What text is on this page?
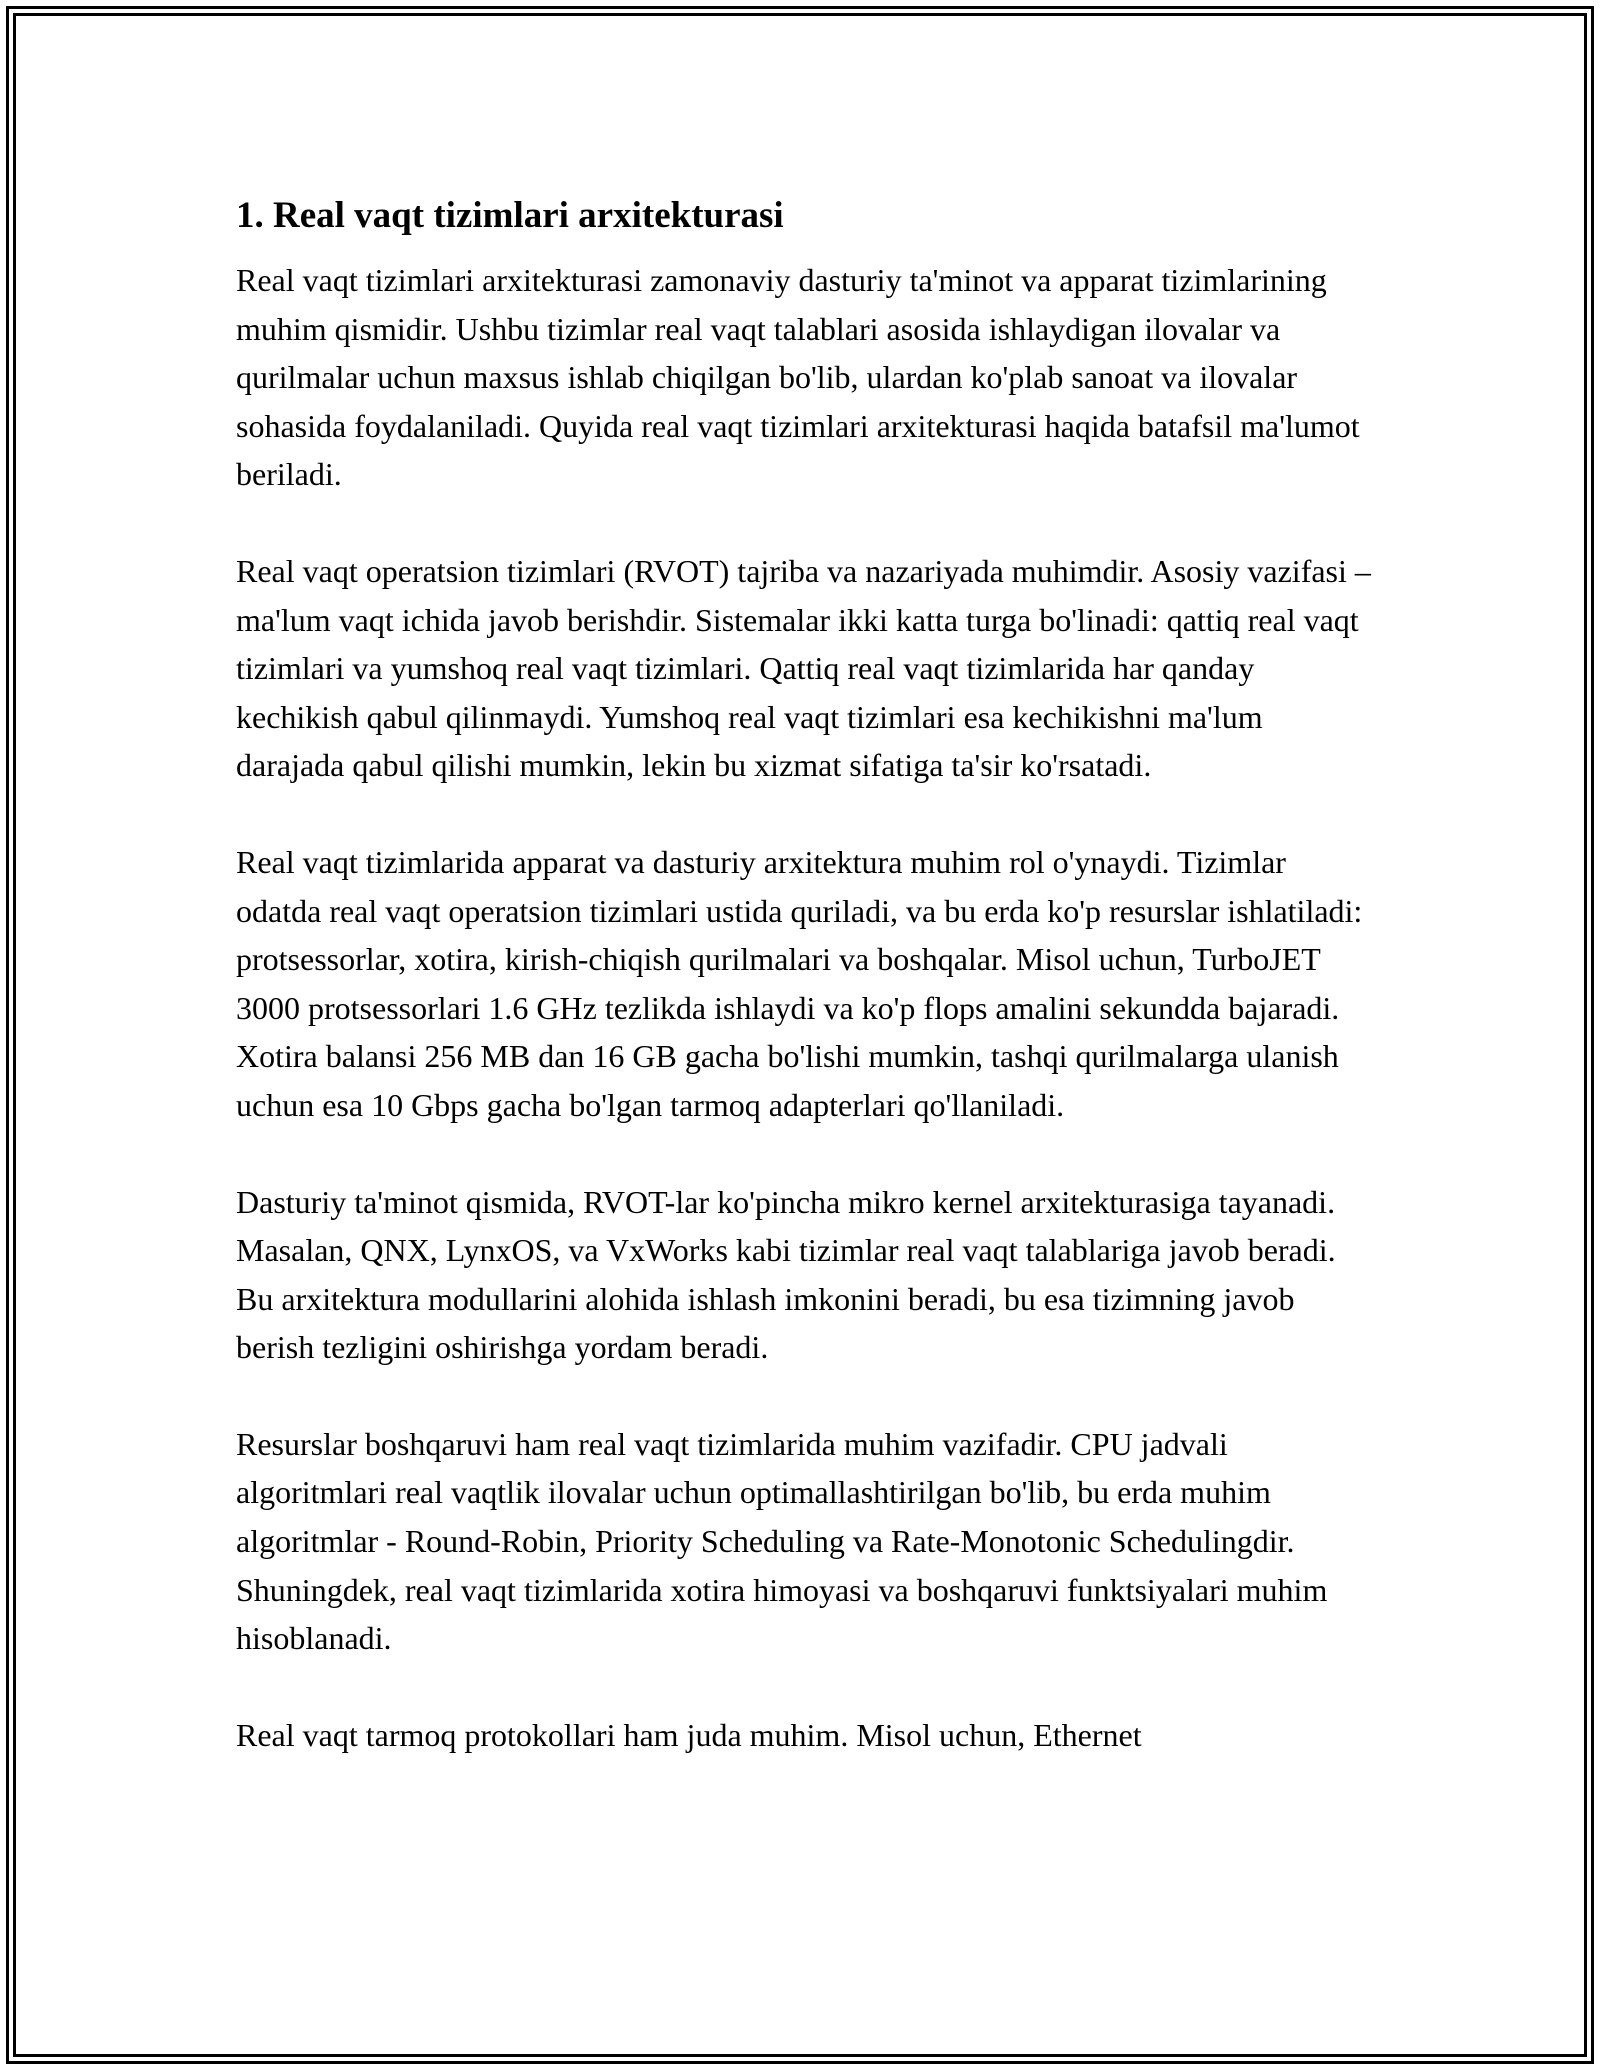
1. Real vaqt tizimlari arxitekturasi

Real vaqt tizimlari arxitekturasi zamonaviy dasturiy ta'minot va apparat tizimlarining muhim qismidir. Ushbu tizimlar real vaqt talablari asosida ishlaydigan ilovalar va qurilmalar uchun maxsus ishlab chiqilgan bo'lib, ulardan ko'plab sanoat va ilovalar sohasida foydalaniladi. Quyida real vaqt tizimlari arxitekturasi haqida batafsil ma'lumot beriladi.

Real vaqt operatsion tizimlari (RVOT) tajriba va nazariyada muhimdir. Asosiy vazifasi – ma'lum vaqt ichida javob berishdir. Sistemalar ikki katta turga bo'linadi: qattiq real vaqt tizimlari va yumshoq real vaqt tizimlari. Qattiq real vaqt tizimlarida har qanday kechikish qabul qilinmaydi. Yumshoq real vaqt tizimlari esa kechikishni ma'lum darajada qabul qilishi mumkin, lekin bu xizmat sifatiga ta'sir ko'rsatadi.

Real vaqt tizimlarida apparat va dasturiy arxitektura muhim rol o'ynaydi. Tizimlar odatda real vaqt operatsion tizimlari ustida quriladi, va bu erda ko'p resurslar ishlatiladi: protsessorlar, xotira, kirish-chiqish qurilmalari va boshqalar. Misol uchun, TurboJET 3000 protsessorlari 1.6 GHz tezlikda ishlaydi va ko'p flops amalini sekundda bajaradi. Xotira balansi 256 MB dan 16 GB gacha bo'lishi mumkin, tashqi qurilmalarga ulanish uchun esa 10 Gbps gacha bo'lgan tarmoq adapterlari qo'llaniladi.

Dasturiy ta'minot qismida, RVOT-lar ko'pincha mikro kernel arxitekturasiga tayanadi. Masalan, QNX, LynxOS, va VxWorks kabi tizimlar real vaqt talablariga javob beradi. Bu arxitektura modullarini alohida ishlash imkonini beradi, bu esa tizimning javob berish tezligini oshirishga yordam beradi.

Resurslar boshqaruvi ham real vaqt tizimlarida muhim vazifadir. CPU jadvali algoritmlari real vaqtlik ilovalar uchun optimallashtirilgan bo'lib, bu erda muhim algoritmlar - Round-Robin, Priority Scheduling va Rate-Monotonic Schedulingdir. Shuningdek, real vaqt tizimlarida xotira himoyasi va boshqaruvi funktsiyalari muhim hisoblanadi.

Real vaqt tarmoq protokollari ham juda muhim. Misol uchun, Ethernet
